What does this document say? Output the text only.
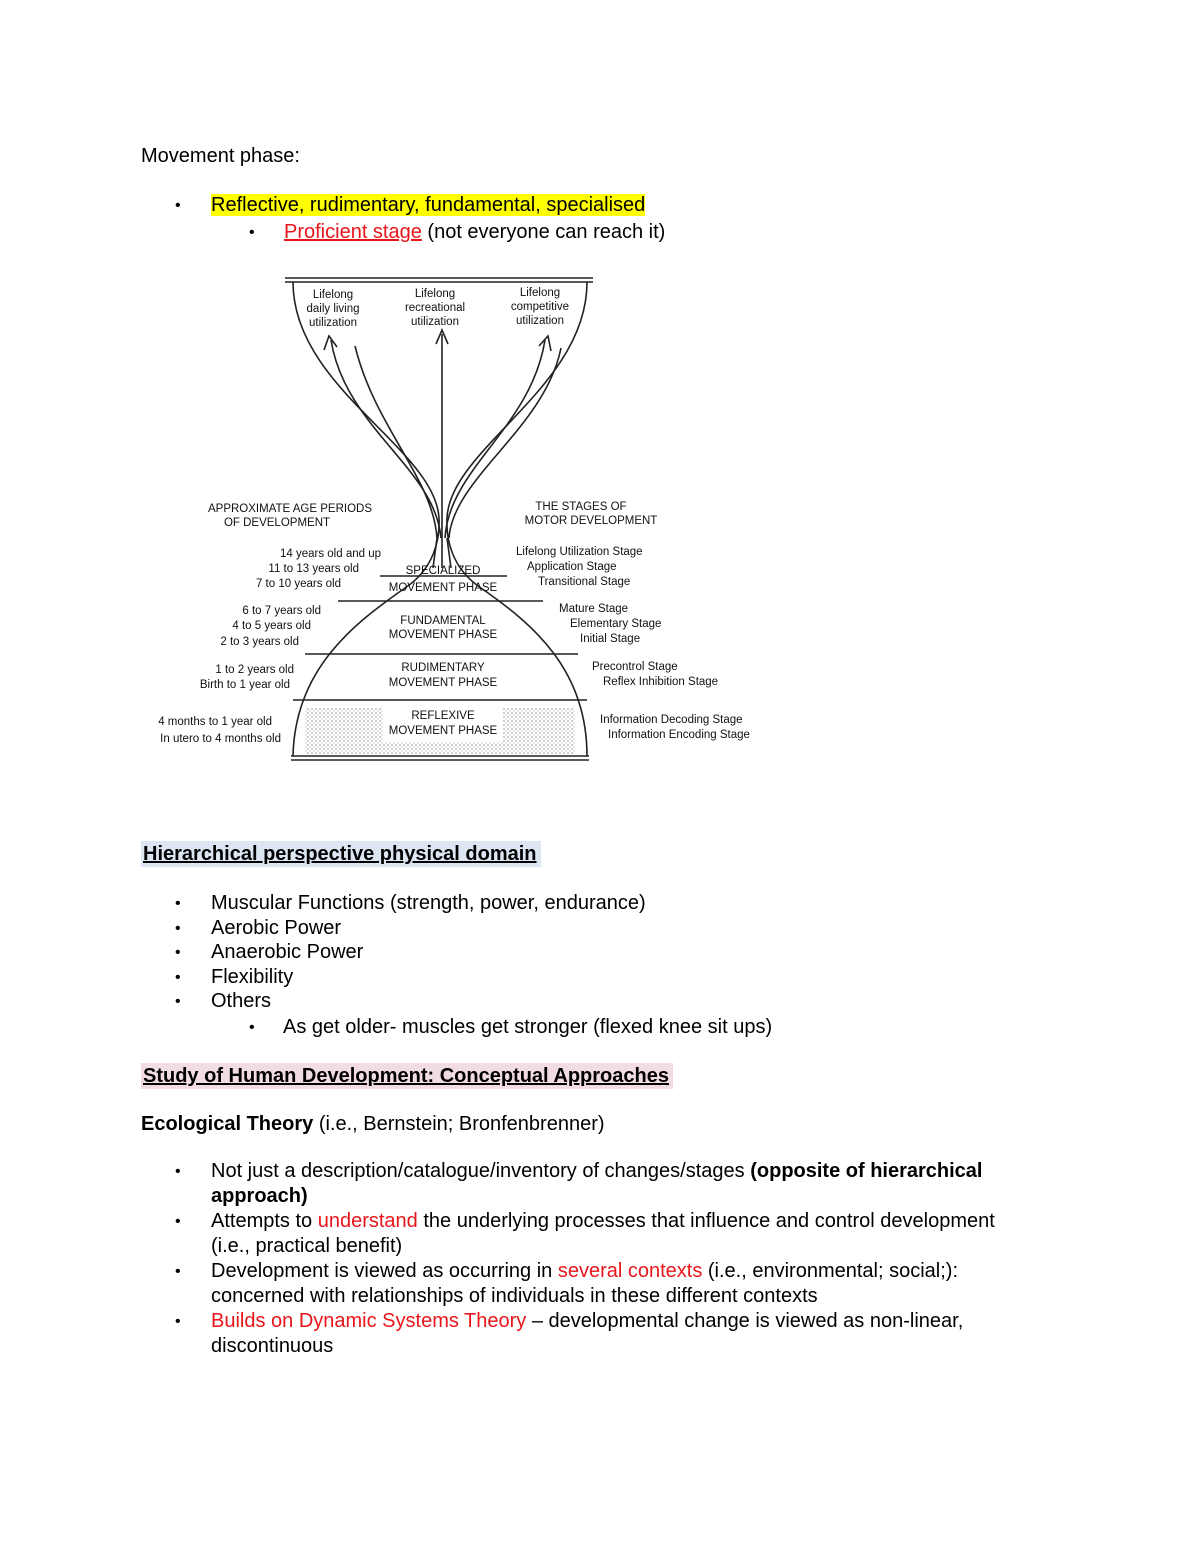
Movement phase:
• Reflective, rudimentary, fundamental, specialised
• Proficient stage (not everyone can reach it)
Lifelong
daily living
utilization
Lifelong
recreational
utilization
Lifelong
competitive
utilization
SPECIALIZED
MOVEMENT PHASE
FUNDAMENTAL
MOVEMENT PHASE
RUDIMENTARY
MOVEMENT PHASE
REFLEXIVE
MOVEMENT PHASE
APPROXIMATE AGE PERIODS
OF DEVELOPMENT
THE STAGES OF
MOTOR DEVELOPMENT
14 years old and up
11 to 13 years old
7 to 10 years old
6 to 7 years old
4 to 5 years old
2 to 3 years old
1 to 2 years old
Birth to 1 year old
4 months to 1 year old
In utero to 4 months old
Lifelong Utilization Stage
Application Stage
Transitional Stage
Mature Stage
Elementary Stage
Initial Stage
Precontrol Stage
Reflex Inhibition Stage
Information Decoding Stage
Information Encoding Stage
Hierarchical perspective physical domain
• Muscular Functions (strength, power, endurance)
• Aerobic Power
• Anaerobic Power
• Flexibility
• Others
• As get older- muscles get stronger (flexed knee sit ups)
Study of Human Development: Conceptual Approaches
Ecological Theory (i.e., Bernstein; Bronfenbrenner)
• Not just a description/catalogue/inventory of changes/stages (opposite of hierarchical
approach)
• Attempts to understand the underlying processes that influence and control development
(i.e., practical benefit)
• Development is viewed as occurring in several contexts (i.e., environmental; social;):
concerned with relationships of individuals in these different contexts
• Builds on Dynamic Systems Theory – developmental change is viewed as non-linear,
discontinuous
